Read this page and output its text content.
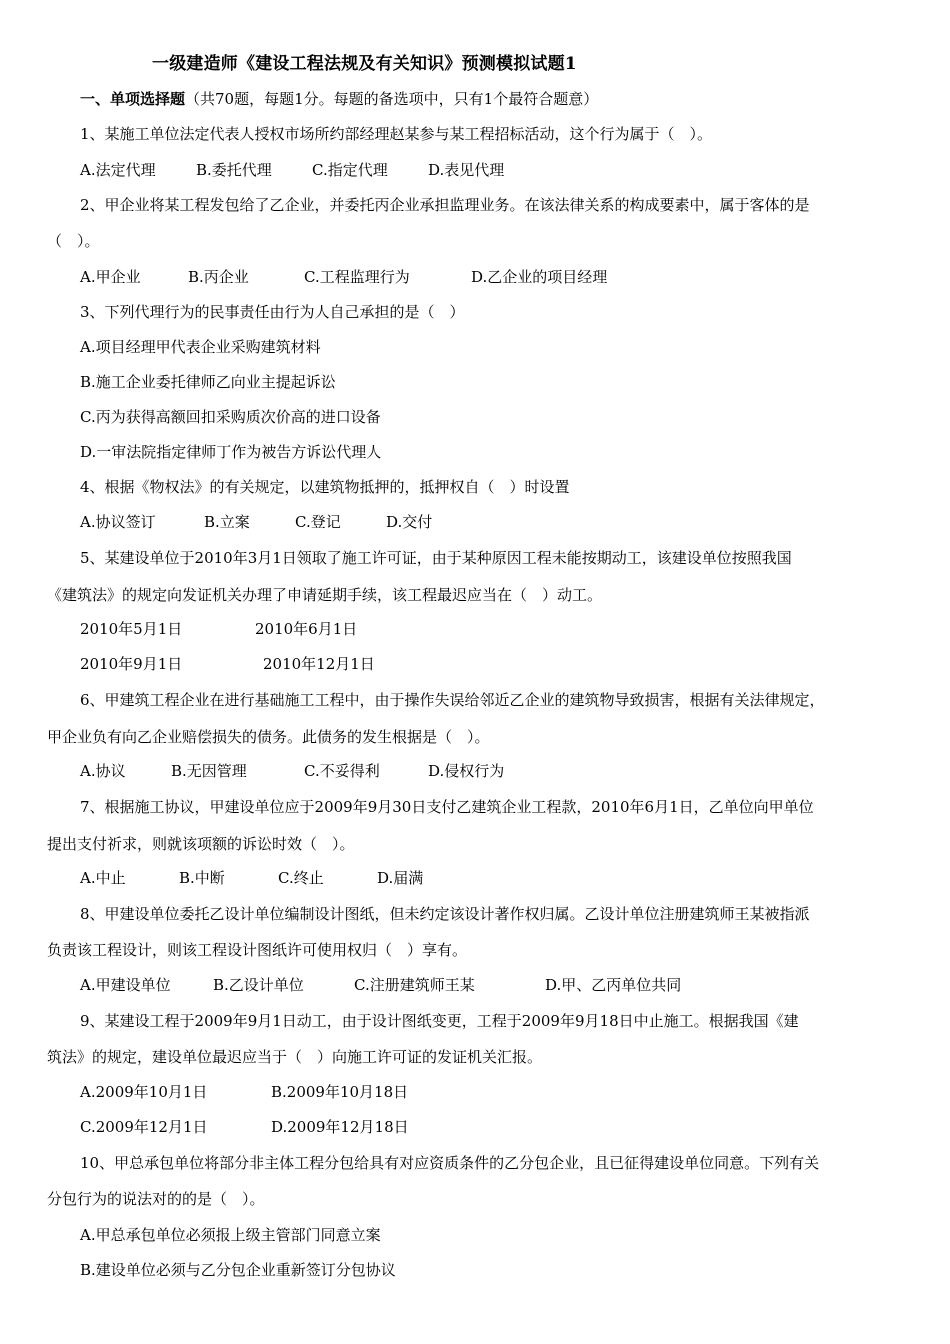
一级建造师《建设工程法规及有关知识》预测模拟试题1
一、单项选择题（共70题，每题1分。每题的备选项中，只有1个最符合题意）
1、某施工单位法定代表人授权市场所约部经理赵某参与某工程招标活动，这个行为属于（　）。
A.法定代理	B.委托代理	C.指定代理	D.表见代理
2、甲企业将某工程发包给了乙企业，并委托丙企业承担监理业务。在该法律关系的构成要素中，属于客体的是
（　）。
A.甲企业	B.丙企业	C.工程监理行为	D.乙企业的项目经理
3、下列代理行为的民事责任由行为人自己承担的是（　）
A.项目经理甲代表企业采购建筑材料
B.施工企业委托律师乙向业主提起诉讼
C.丙为获得高额回扣采购质次价高的进口设备
D.一审法院指定律师丁作为被告方诉讼代理人
4、根据《物权法》的有关规定，以建筑物抵押的，抵押权自（　）时设置
A.协议签订	B.立案	C.登记	D.交付
5、某建设单位于2010年3月1日领取了施工许可证，由于某种原因工程未能按期动工，该建设单位按照我国
《建筑法》的规定向发证机关办理了申请延期手续，该工程最迟应当在（　）动工。
2010年5月1日	2010年6月1日
2010年9月1日	2010年12月1日
6、甲建筑工程企业在进行基础施工工程中，由于操作失误给邻近乙企业的建筑物导致损害，根据有关法律规定，
甲企业负有向乙企业赔偿损失的债务。此债务的发生根据是（　）。
A.协议	B.无因管理	C.不妥得利	D.侵权行为
7、根据施工协议，甲建设单位应于2009年9月30日支付乙建筑企业工程款，2010年6月1日，乙单位向甲单位
提出支付祈求，则就该项额的诉讼时效（　）。
A.中止	B.中断	C.终止	D.届满
8、甲建设单位委托乙设计单位编制设计图纸，但未约定该设计著作权归属。乙设计单位注册建筑师王某被指派
负责该工程设计，则该工程设计图纸许可使用权归（　）享有。
A.甲建设单位	B.乙设计单位	C.注册建筑师王某	D.甲、乙丙单位共同
9、某建设工程于2009年9月1日动工，由于设计图纸变更，工程于2009年9月18日中止施工。根据我国《建
筑法》的规定，建设单位最迟应当于（　）向施工许可证的发证机关汇报。
A.2009年10月1日	B.2009年10月18日
C.2009年12月1日	D.2009年12月18日
10、甲总承包单位将部分非主体工程分包给具有对应资质条件的乙分包企业，且已征得建设单位同意。下列有关
分包行为的说法对的的是（　）。
A.甲总承包单位必须报上级主管部门同意立案
B.建设单位必须与乙分包企业重新签订分包协议
